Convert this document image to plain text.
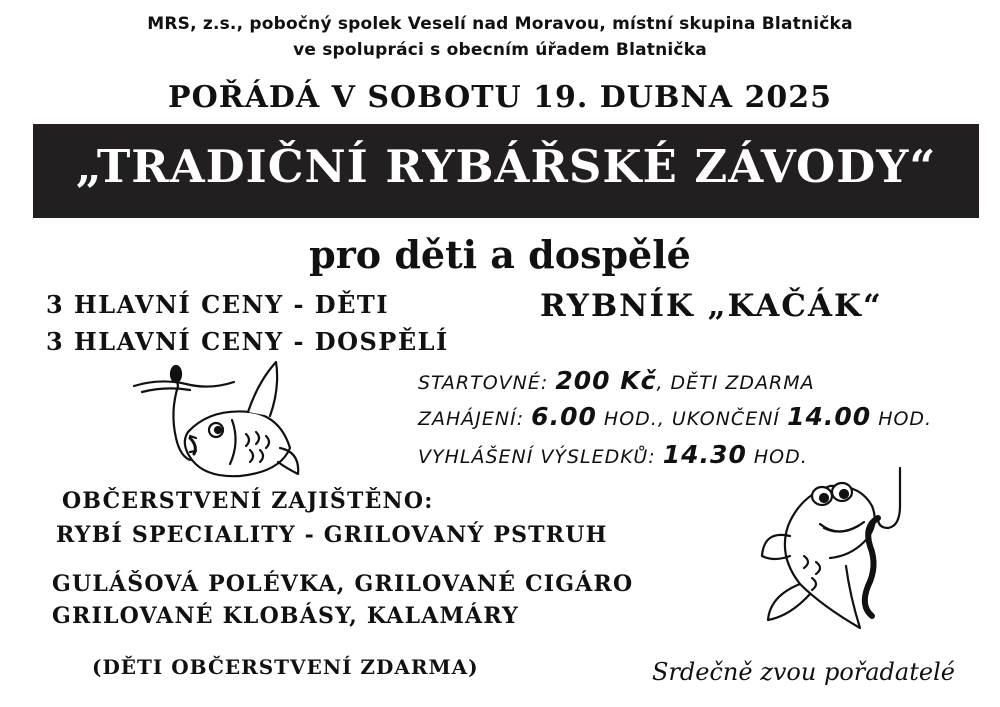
MRS, z.s., pobočný spolek Veselí nad Moravou, místní skupina Blatnička
ve spolupráci s obecním úřadem Blatnička
POŘÁDÁ V SOBOTU 19. DUBNA 2025
„TRADIČNÍ RYBÁŘSKÉ ZÁVODY“
pro děti a dospělé
3 HLAVNÍ CENY - DĚTI
3 HLAVNÍ CENY - DOSPĚLÍ
RYBNÍK „KAČÁK“
STARTOVNÉ: 200 Kč, DĚTI ZDARMA
ZAHÁJENÍ: 6.00 HOD., UKONČENÍ 14.00 HOD.
VYHLÁŠENÍ VÝSLEDKŮ: 14.30 HOD.
OBČERSTVENÍ ZAJIŠTĚNO:
RYBÍ SPECIALITY - GRILOVANÝ PSTRUH
GULÁŠOVÁ POLÉVKA, GRILOVANÉ CIGÁRO
GRILOVANÉ KLOBÁSY, KALAMÁRY
(DĚTI OBČERSTVENÍ ZDARMA)	Srdečně zvou pořadatelé
